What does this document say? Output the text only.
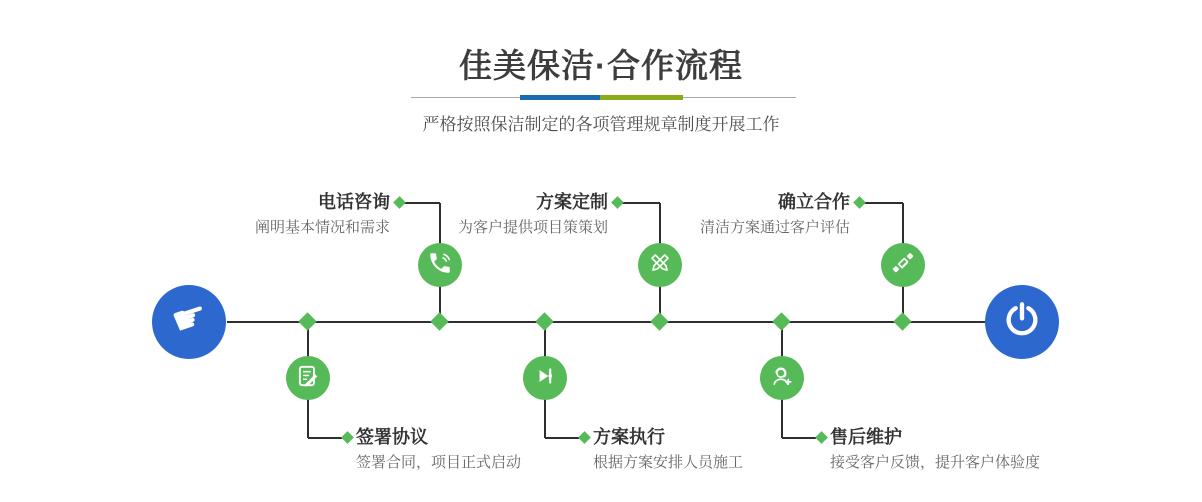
佳美保洁·合作流程
严格按照保洁制定的各项管理规章制度开展工作
电话咨询
阐明基本情况和需求
签署协议
签署合同，项目正式启动
方案定制
为客户提供项目策策划
方案执行
根据方案安排人员施工
确立合作
清洁方案通过客户评估
售后维护
接受客户反馈，提升客户体验度
☛
